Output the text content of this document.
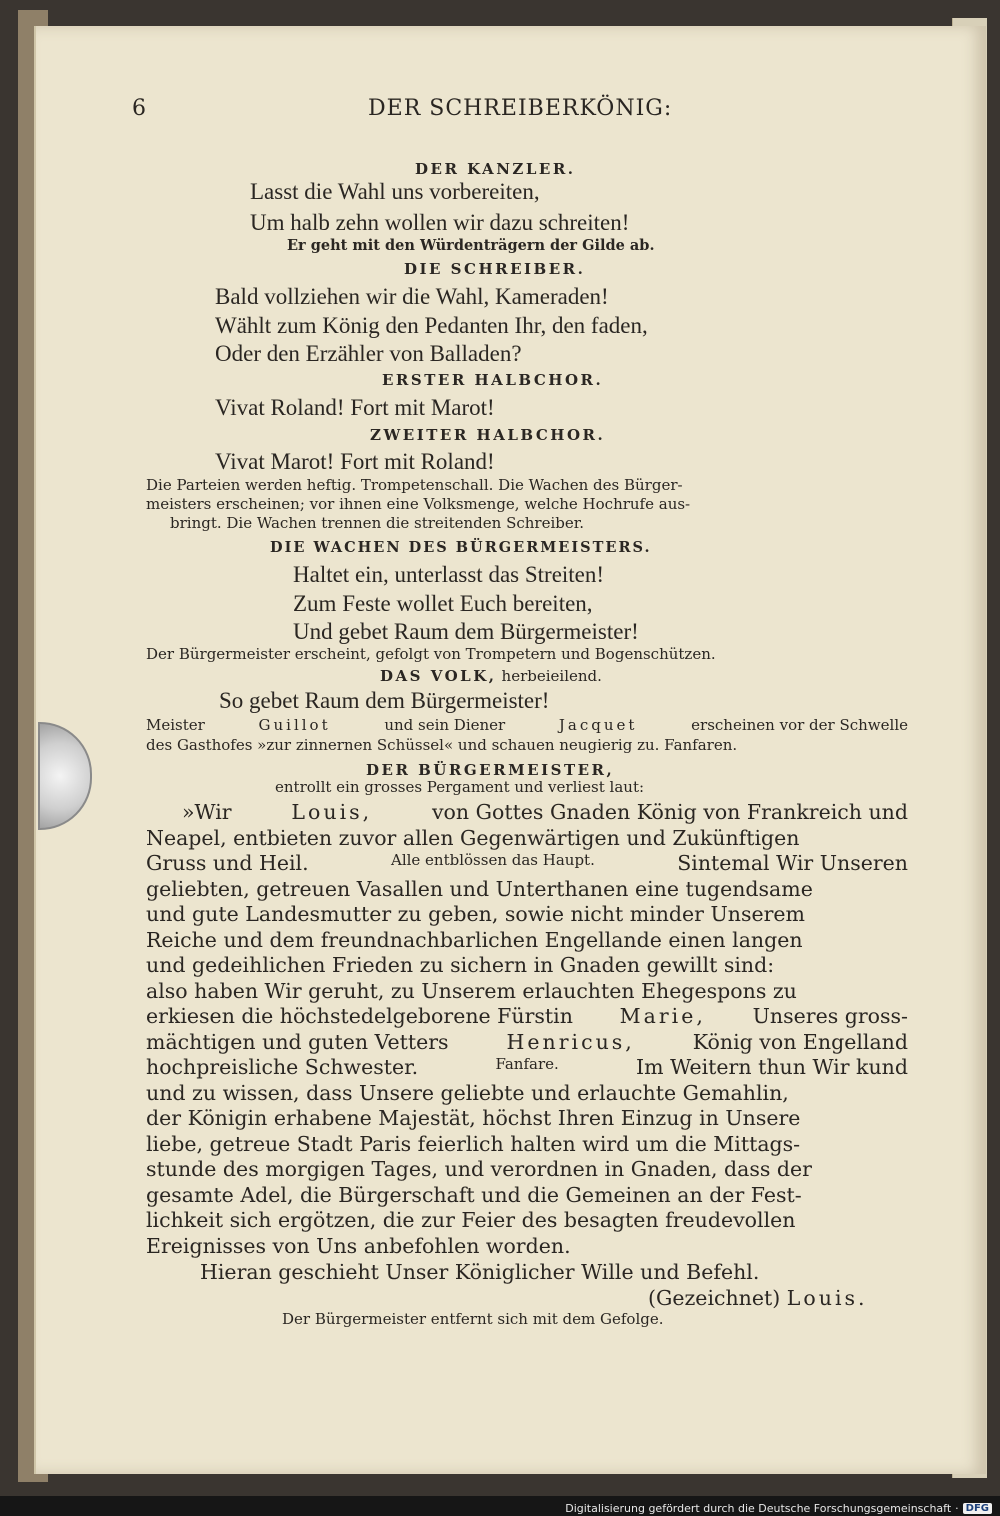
6	DER SCHREIBERKÖNIG:
DER KANZLER.
Lasst die Wahl uns vorbereiten,
Um halb zehn wollen wir dazu schreiten!
Er geht mit den Würdenträgern der Gilde ab.
DIE SCHREIBER.
Bald vollziehen wir die Wahl, Kameraden!
Wählt zum König den Pedanten Ihr, den faden,
Oder den Erzähler von Balladen?
ERSTER HALBCHOR.
Vivat Roland! Fort mit Marot!
ZWEITER HALBCHOR.
Vivat Marot! Fort mit Roland!
Die Parteien werden heftig. Trompetenschall. Die Wachen des Bürger-
meisters erscheinen; vor ihnen eine Volksmenge, welche Hochrufe aus-
bringt. Die Wachen trennen die streitenden Schreiber.
DIE WACHEN DES BÜRGERMEISTERS.
Haltet ein, unterlasst das Streiten!
Zum Feste wollet Euch bereiten,
Und gebet Raum dem Bürgermeister!
Der Bürgermeister erscheint, gefolgt von Trompetern und Bogenschützen.
DAS VOLK, herbeieilend.
So gebet Raum dem Bürgermeister!
Meister	Guillot	und sein Diener	Jacquet	erscheinen vor der Schwelle
des Gasthofes »zur zinnernen Schüssel« und schauen neugierig zu. Fanfaren.
DER BÜRGERMEISTER,
entrollt ein grosses Pergament und verliest laut:
»Wir	Louis,	von Gottes Gnaden König von Frankreich und
Neapel, entbieten zuvor allen Gegenwärtigen und Zukünftigen
Gruss und Heil.	Alle entblössen das Haupt.	Sintemal Wir Unseren
geliebten, getreuen Vasallen und Unterthanen eine tugendsame
und gute Landesmutter zu geben, sowie nicht minder Unserem
Reiche und dem freundnachbarlichen Engellande einen langen
und gedeihlichen Frieden zu sichern in Gnaden gewillt sind:
also haben Wir geruht, zu Unserem erlauchten Ehegespons zu
erkiesen die höchstedelgeborene Fürstin Marie, Unseres gross-
mächtigen und guten Vetters	Henricus,	König von Engelland
hochpreisliche Schwester.	Fanfare.	Im Weitern thun Wir kund
und zu wissen, dass Unsere geliebte und erlauchte Gemahlin,
der Königin erhabene Majestät, höchst Ihren Einzug in Unsere
liebe, getreue Stadt Paris feierlich halten wird um die Mittags-
stunde des morgigen Tages, und verordnen in Gnaden, dass der
gesamte Adel, die Bürgerschaft und die Gemeinen an der Fest-
lichkeit sich ergötzen, die zur Feier des besagten freudevollen
Ereignisses von Uns anbefohlen worden.
Hieran geschieht Unser Königlicher Wille und Befehl.
(Gezeichnet) Louis.
Der Bürgermeister entfernt sich mit dem Gefolge.
Digitalisierung gefördert durch die Deutsche Forschungsgemeinschaft · DFG
